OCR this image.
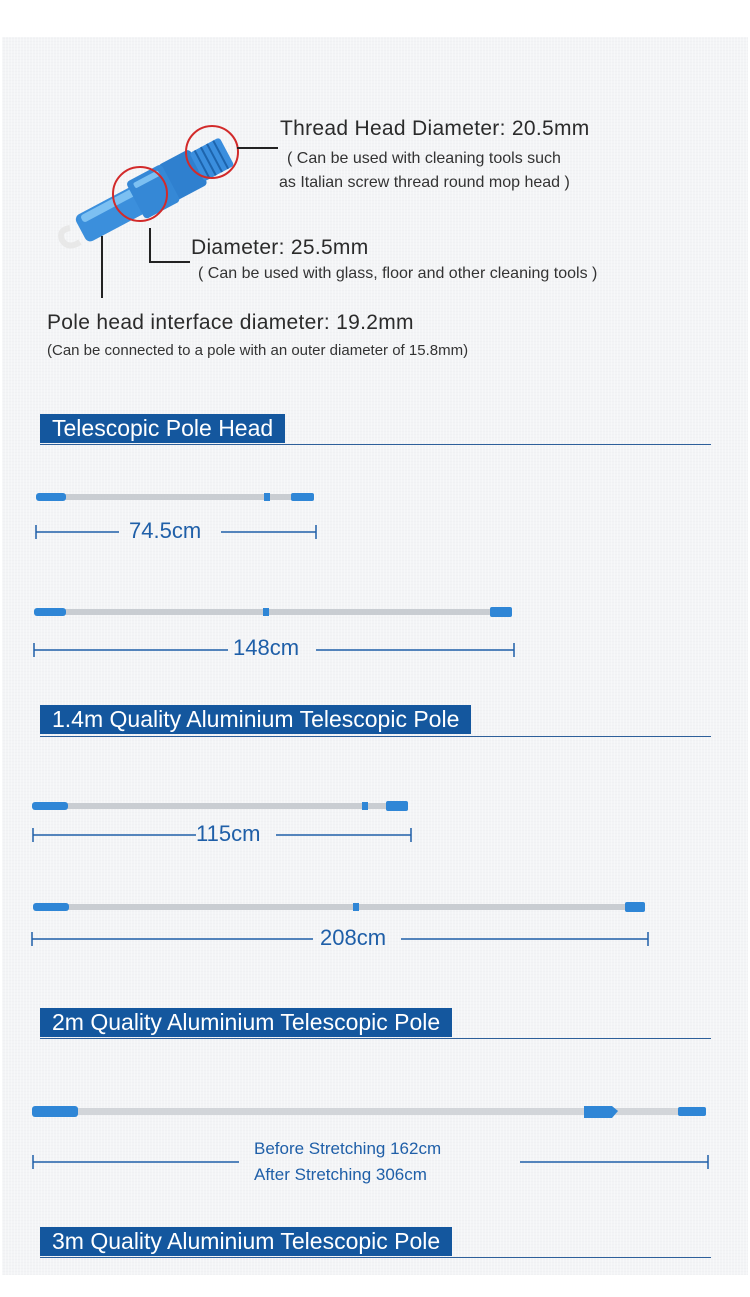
Thread Head Diameter: 20.5mm
( Can be used with cleaning tools such
as Italian screw thread round mop head )
Diameter: 25.5mm
( Can be used with glass, floor and other cleaning tools )
Pole head interface diameter: 19.2mm
(Can be connected to a pole with an outer diameter of 15.8mm)
Telescopic Pole Head
74.5cm
148cm
1.4m Quality Aluminium Telescopic Pole
115cm
208cm
2m Quality Aluminium Telescopic Pole
Before Stretching 162cm
After Stretching 306cm
3m Quality Aluminium Telescopic Pole
